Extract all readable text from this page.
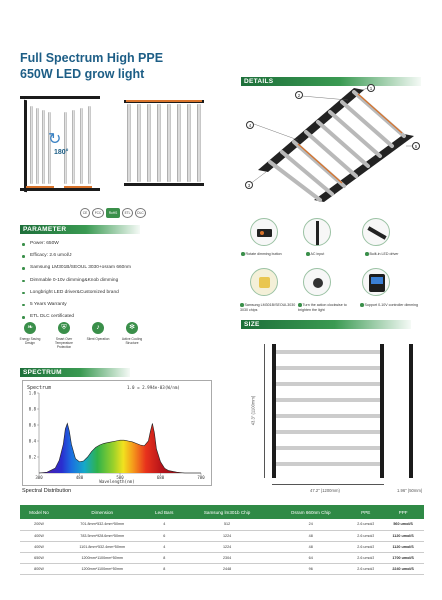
Full Spectrum High PPE
650W LED grow light
↻
180°
CE	FCC	RoHS	ETL	DLC
DETAILS
1
2
4
5
3
PARAMETER
Power: 650W
Efficacy: 2.6 umol/J
Samsung LM301B/SEOUL 3030+osram 660nm
Dimmable 0-10v dimming&Knob dimming
Longbright LED driver&Customized brand
5 Years Warranty
ETL DLC certificated
❧
Energy Saving Design
⛨
Smart Over Temperature Protection
♪
Silent Operation
✻
Active Cooling Structure
Rotate dimming button	AC input	Built-in LED driver
Samsung LM301B/SEOUL3030 3030 chips
Turn the action clockwise to brighten the light
Support 0-10V controller dimming
SIZE
43.3" (1100mm)
47.2" (1200mm)	1.96" (50mm)
SPECTRUM
Spectrum	1.0 = 2.994e-03(W/nm)
Wavelength(nm)
380	480	580	680	780
0.2
0.4
0.6
0.8
1.0
Spectral Distribution
Model No	Dimension	Led Bars	Samsung lm301b Chip	Osram 660nm Chip	PPE	PPF
200W	701.8mm*532.4mm*50mm	4	512	24	2.6 umol/J	560 umol/S
400W	783.5mm*928.6mm*50mm	6	1224	48	2.6 umol/J	1120 umol/S
400W	1101.8mm*532.4mm*50mm	4	1224	48	2.6 umol/J	1120 umol/S
650W	1200mm*1100mm*50mm	8	2304	64	2.6 umol/J	1700 umol/S
800W	1200mm*1100mm*50mm	8	2448	96	2.6 umol/J	2240 umol/S
